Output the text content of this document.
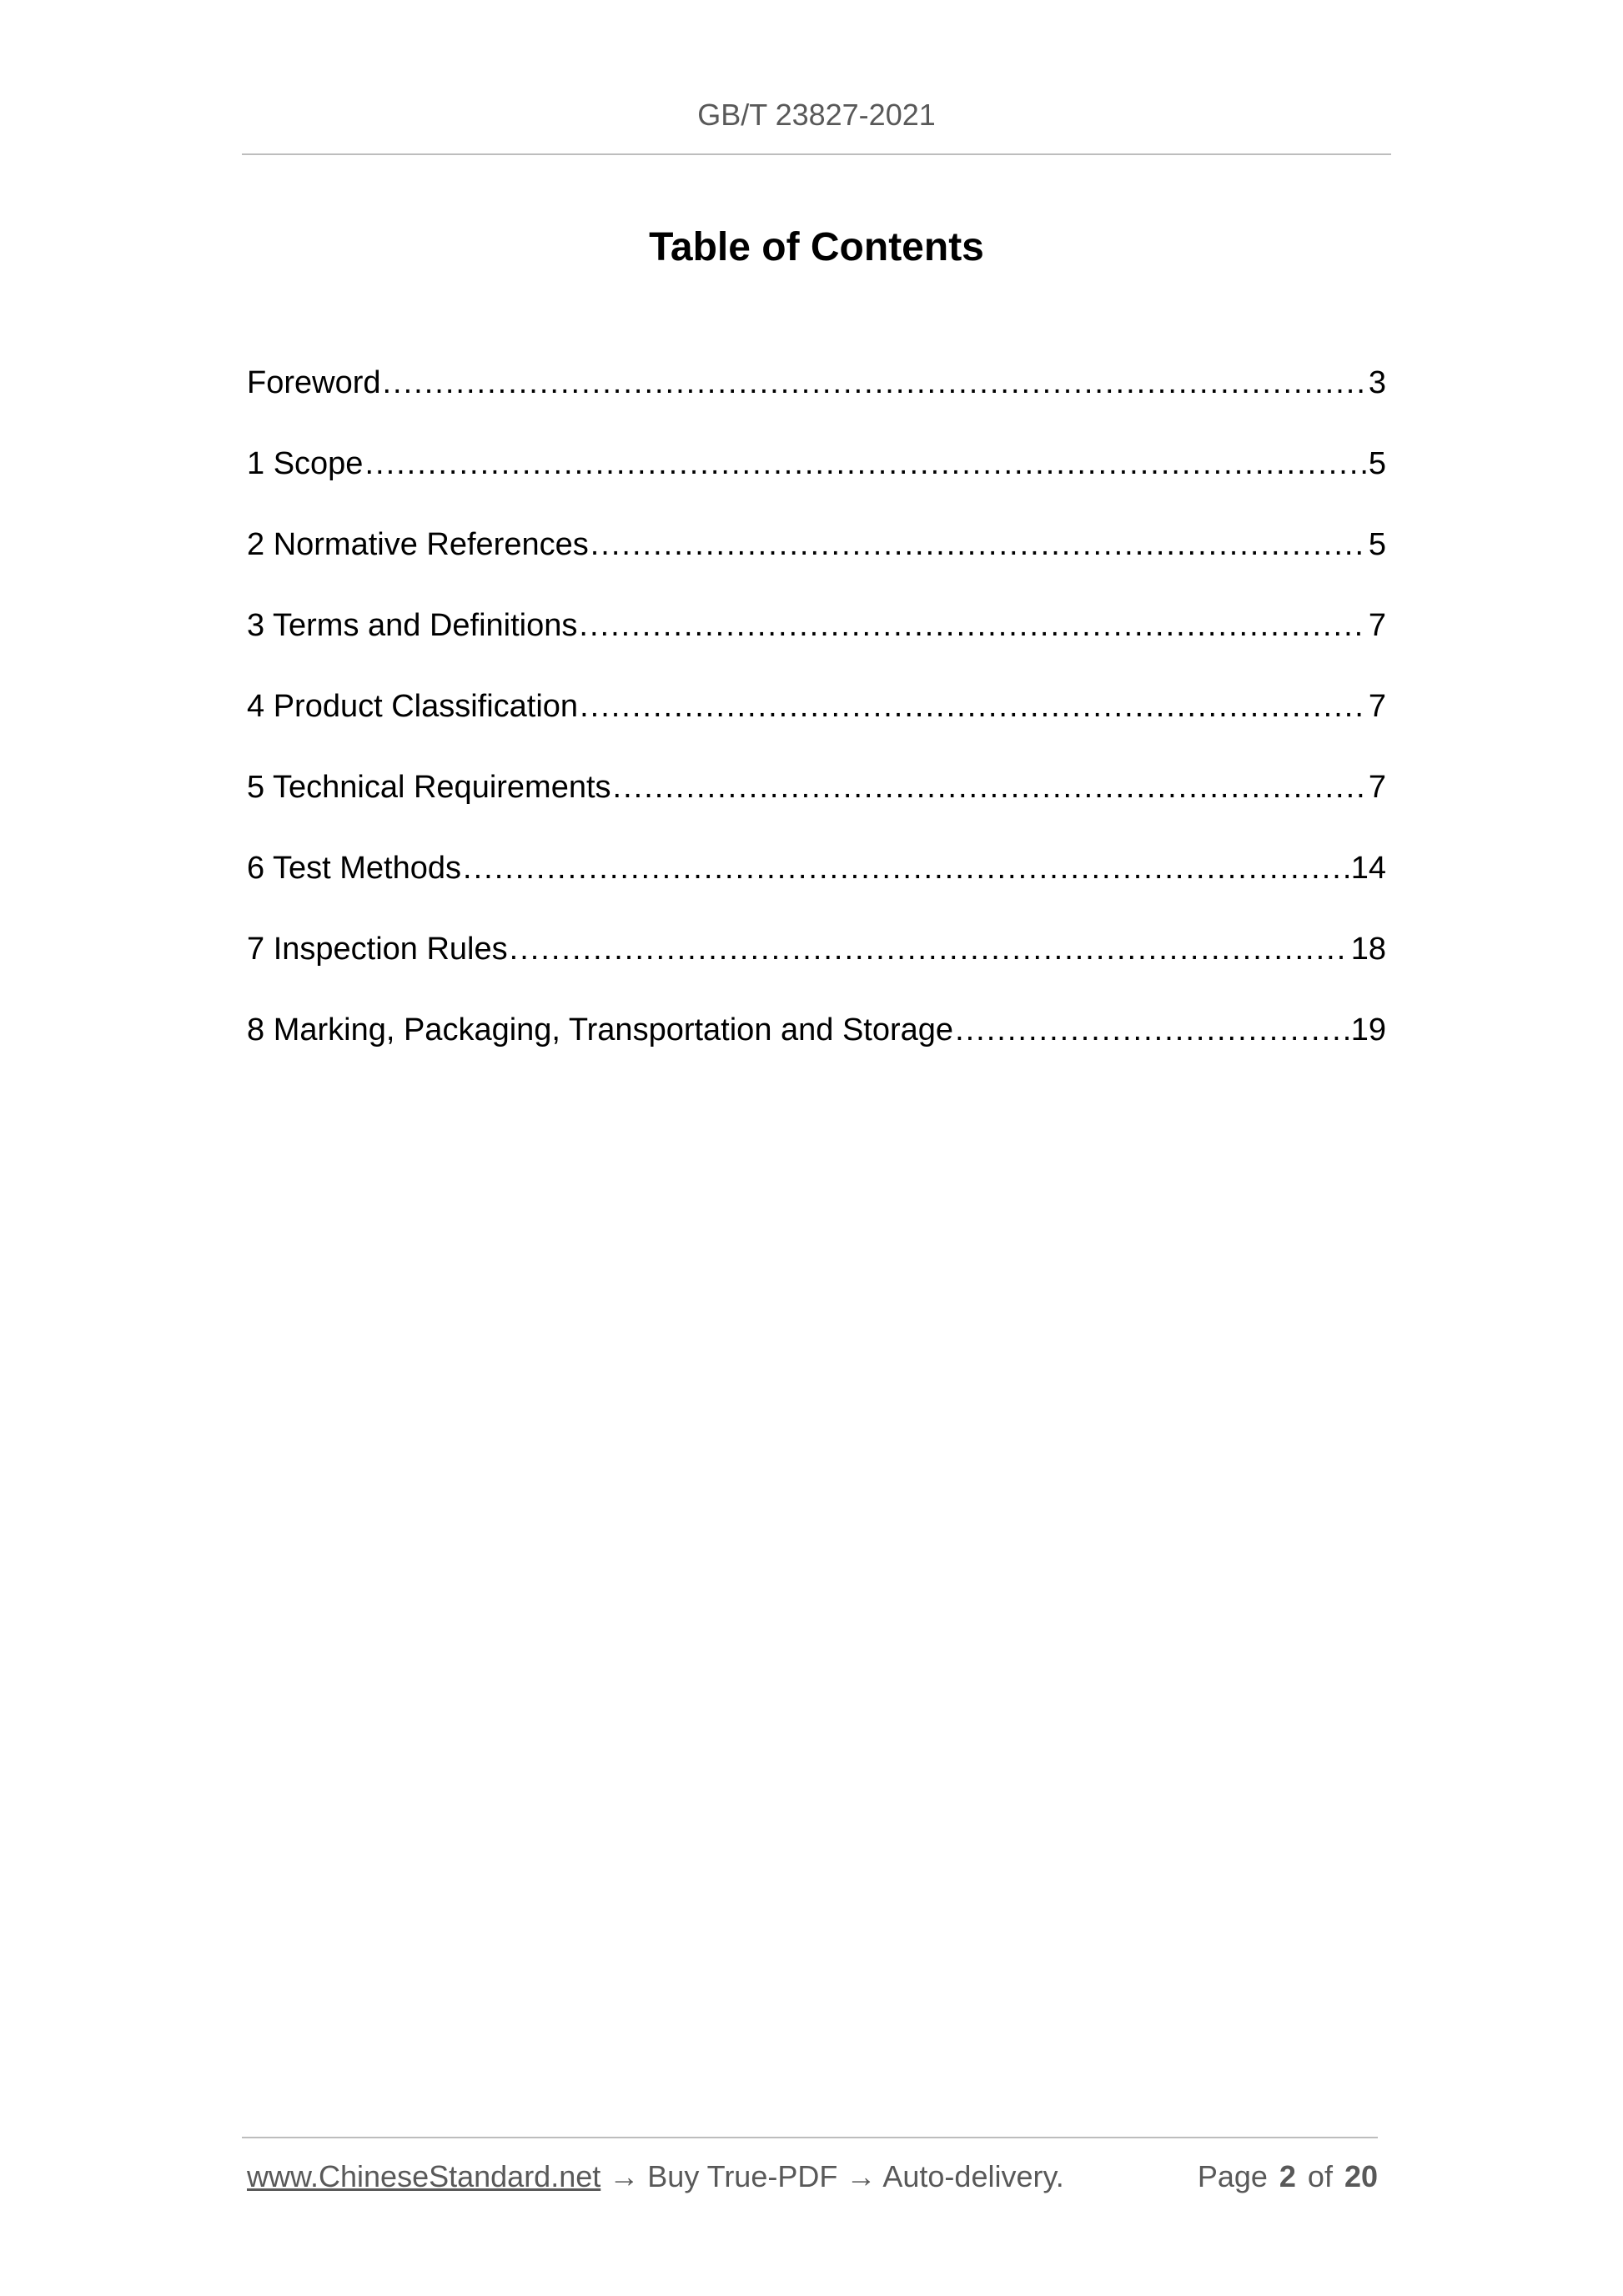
GB/T 23827-2021
Table of Contents
Foreword .....	3
1 Scope .....	5
2 Normative References .....	5
3 Terms and Definitions .....	7
4 Product Classification .....	7
5 Technical Requirements .....	7
6 Test Methods .....	14
7 Inspection Rules .....	18
8 Marking, Packaging, Transportation and Storage .....	19
www.ChineseStandard.net → Buy True-PDF → Auto-delivery.	Page 2 of 20
